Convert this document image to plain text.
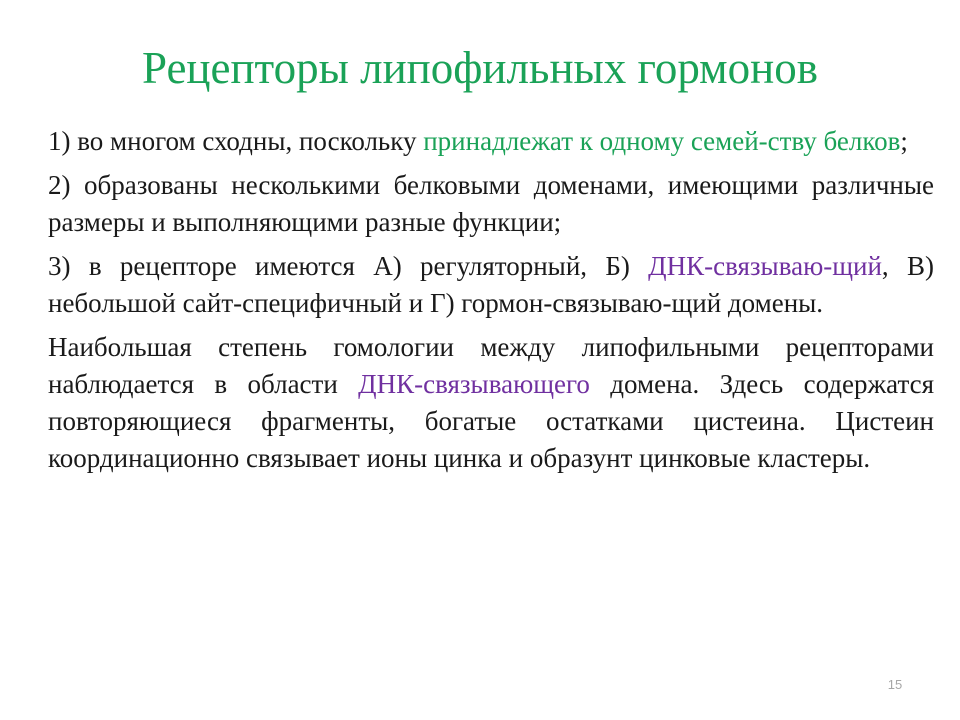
Рецепторы липофильных гормонов

1) во многом сходны, поскольку принадлежат к одному семей-ству белков;

2) образованы несколькими белковыми доменами, имеющими различные размеры и выполняющими разные функции;

3) в рецепторе имеются А) регуляторный, Б) ДНК-связываю-щий, В) небольшой сайт-специфичный и Г) гормон-связываю-щий домены.

Наибольшая степень гомологии между липофильными рецепторами наблюдается в области ДНК-связывающего домена. Здесь содержатся повторяющиеся фрагменты, богатые остатками цистеина. Цистеин координационно связывает ионы цинка и образунт цинковые кластеры.

15
